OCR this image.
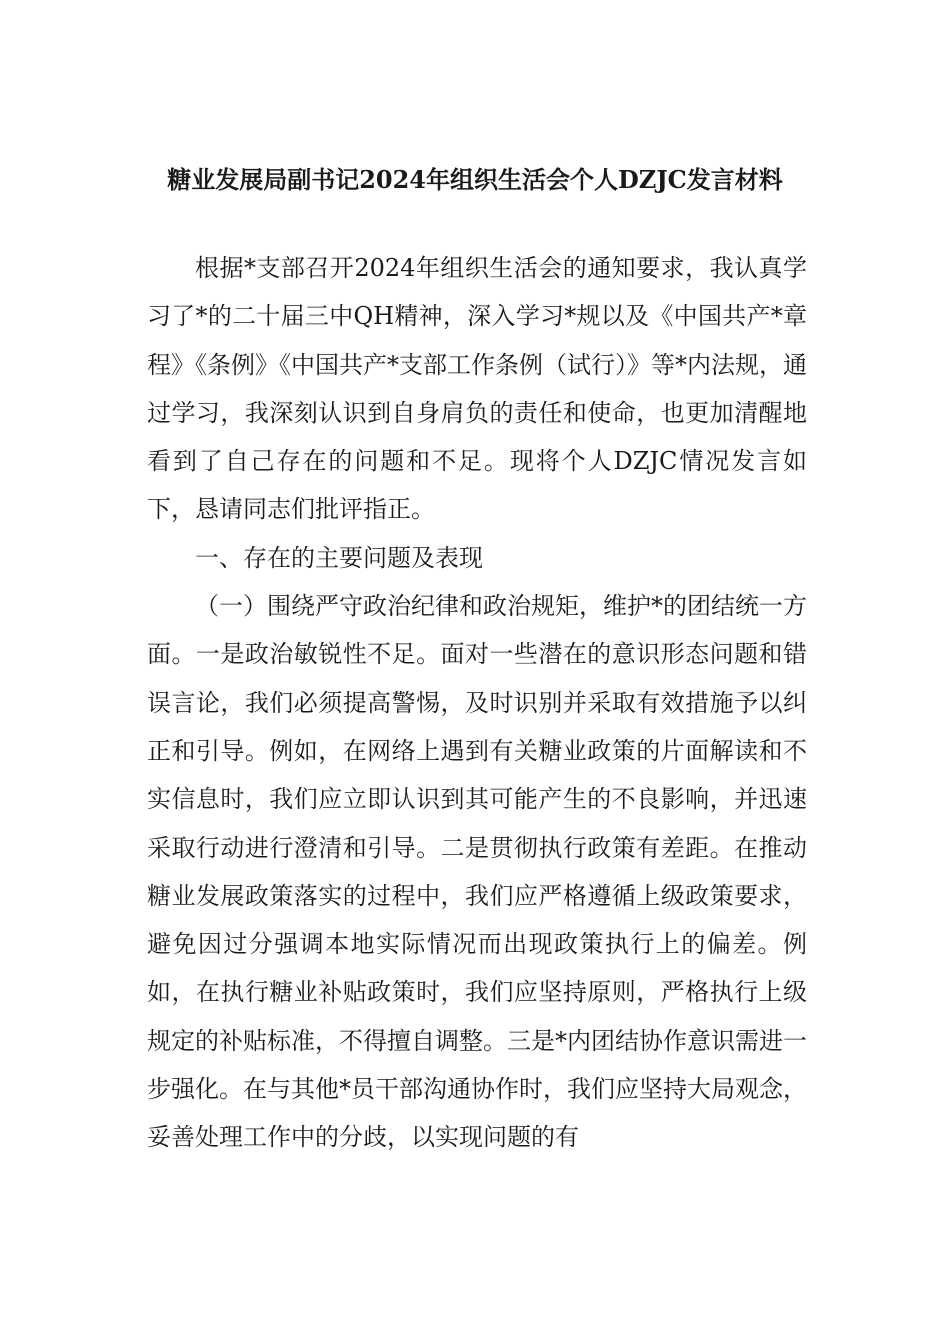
糖业发展局副书记2024年组织生活会个人DZJC发言材料

根据*支部召开2024年组织生活会的通知要求，我认真学习了*的二十届三中QH精神，深入学习*规以及《中国共产*章程》《条例》《中国共产*支部工作条例（试行）》等*内法规，通过学习，我深刻认识到自身肩负的责任和使命，也更加清醒地看到了自己存在的问题和不足。现将个人DZJC情况发言如下，恳请同志们批评指正。

一、存在的主要问题及表现

（一）围绕严守政治纪律和政治规矩，维护*的团结统一方面。一是政治敏锐性不足。面对一些潜在的意识形态问题和错误言论，我们必须提高警惕，及时识别并采取有效措施予以纠正和引导。例如，在网络上遇到有关糖业政策的片面解读和不实信息时，我们应立即认识到其可能产生的不良影响，并迅速采取行动进行澄清和引导。二是贯彻执行政策有差距。在推动糖业发展政策落实的过程中，我们应严格遵循上级政策要求，避免因过分强调本地实际情况而出现政策执行上的偏差。例如，在执行糖业补贴政策时，我们应坚持原则，严格执行上级规定的补贴标准，不得擅自调整。三是*内团结协作意识需进一步强化。在与其他*员干部沟通协作时，我们应坚持大局观念，妥善处理工作中的分歧，以实现问题的有
